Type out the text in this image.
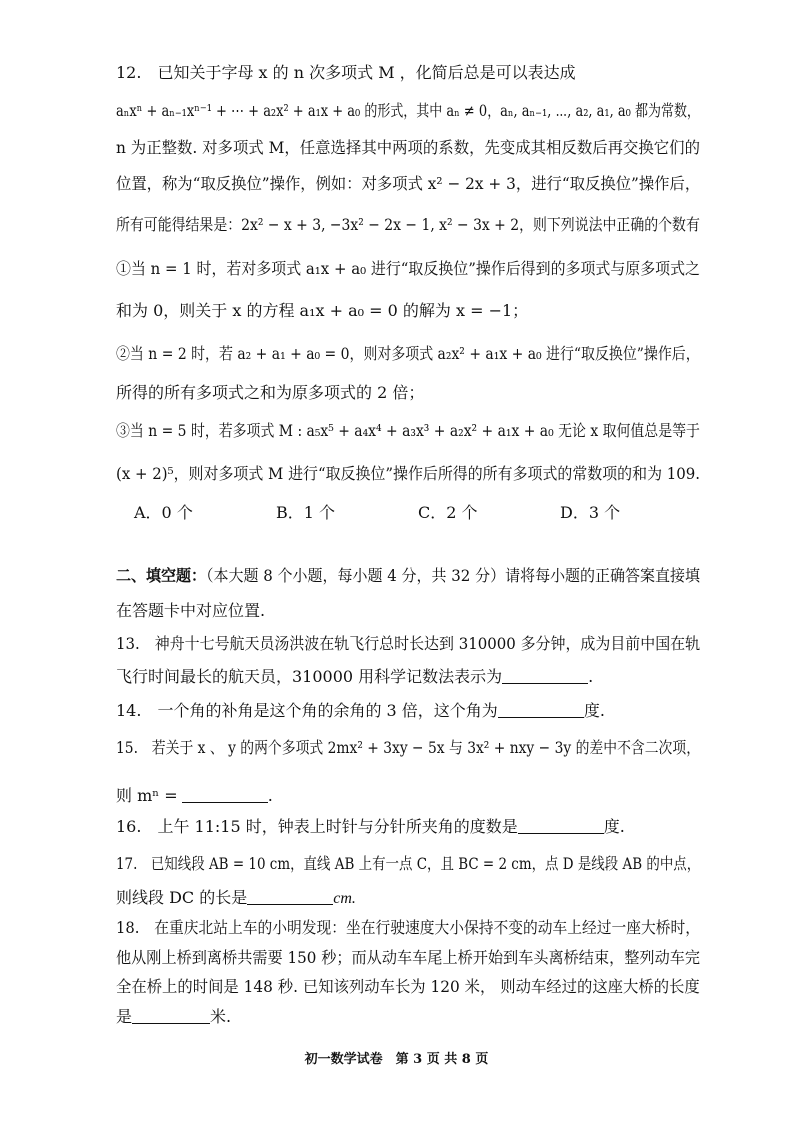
12.　已知关于字母 x 的 n 次多项式 M ，化简后总是可以表达成
aₙxⁿ + aₙ₋₁xⁿ⁻¹ + ⋯ + a₂x² + a₁x + a₀ 的形式，其中 aₙ ≠ 0，aₙ, aₙ₋₁, ⋯, a₂, a₁, a₀ 都为常数，
n 为正整数. 对多项式 M，任意选择其中两项的系数，先变成其相反数后再交换它们的
位置，称为“取反换位”操作，例如：对多项式 x² − 2x + 3，进行“取反换位”操作后，
所有可能得结果是：2x² − x + 3, −3x² − 2x − 1, x² − 3x + 2，则下列说法中正确的个数有
①当 n = 1 时，若对多项式 a₁x + a₀ 进行“取反换位”操作后得到的多项式与原多项式之
和为 0，则关于 x 的方程 a₁x + a₀ = 0 的解为 x = −1；
②当 n = 2 时，若 a₂ + a₁ + a₀ = 0，则对多项式 a₂x² + a₁x + a₀ 进行“取反换位”操作后，
所得的所有多项式之和为原多项式的 2 倍；
③当 n = 5 时，若多项式 M : a₅x⁵ + a₄x⁴ + a₃x³ + a₂x² + a₁x + a₀ 无论 x 取何值总是等于
(x + 2)⁵，则对多项式 M 进行“取反换位”操作后所得的所有多项式的常数项的和为 109.
A．0 个	B．1 个	C．2 个	D．3 个
二、填空题：（本大题 8 个小题，每小题 4 分，共 32 分）请将每小题的正确答案直接填
在答题卡中对应位置.
13.　神舟十七号航天员汤洪波在轨飞行总时长达到 310000 多分钟，成为目前中国在轨
飞行时间最长的航天员，310000 用科学记数法表示为	.
14.　一个角的补角是这个角的余角的 3 倍，这个角为	度.
15.　若关于 x 、 y 的两个多项式 2mx² + 3xy − 5x 与 3x² + nxy − 3y 的差中不含二次项，
则 mⁿ =	.
16.　上午 11:15 时，钟表上时针与分针所夹角的度数是	度.
17.　已知线段 AB = 10 cm，直线 AB 上有一点 C，且 BC = 2 cm，点 D 是线段 AB 的中点，
则线段 DC 的长是	cm.
18.　在重庆北站上车的小明发现：坐在行驶速度大小保持不变的动车上经过一座大桥时，
他从刚上桥到离桥共需要 150 秒；而从动车车尾上桥开始到车头离桥结束，整列动车完
全在桥上的时间是 148 秒. 已知该列动车长为 120 米， 则动车经过的这座大桥的长度
是	米.
初一数学试卷　第 3 页 共 8 页
